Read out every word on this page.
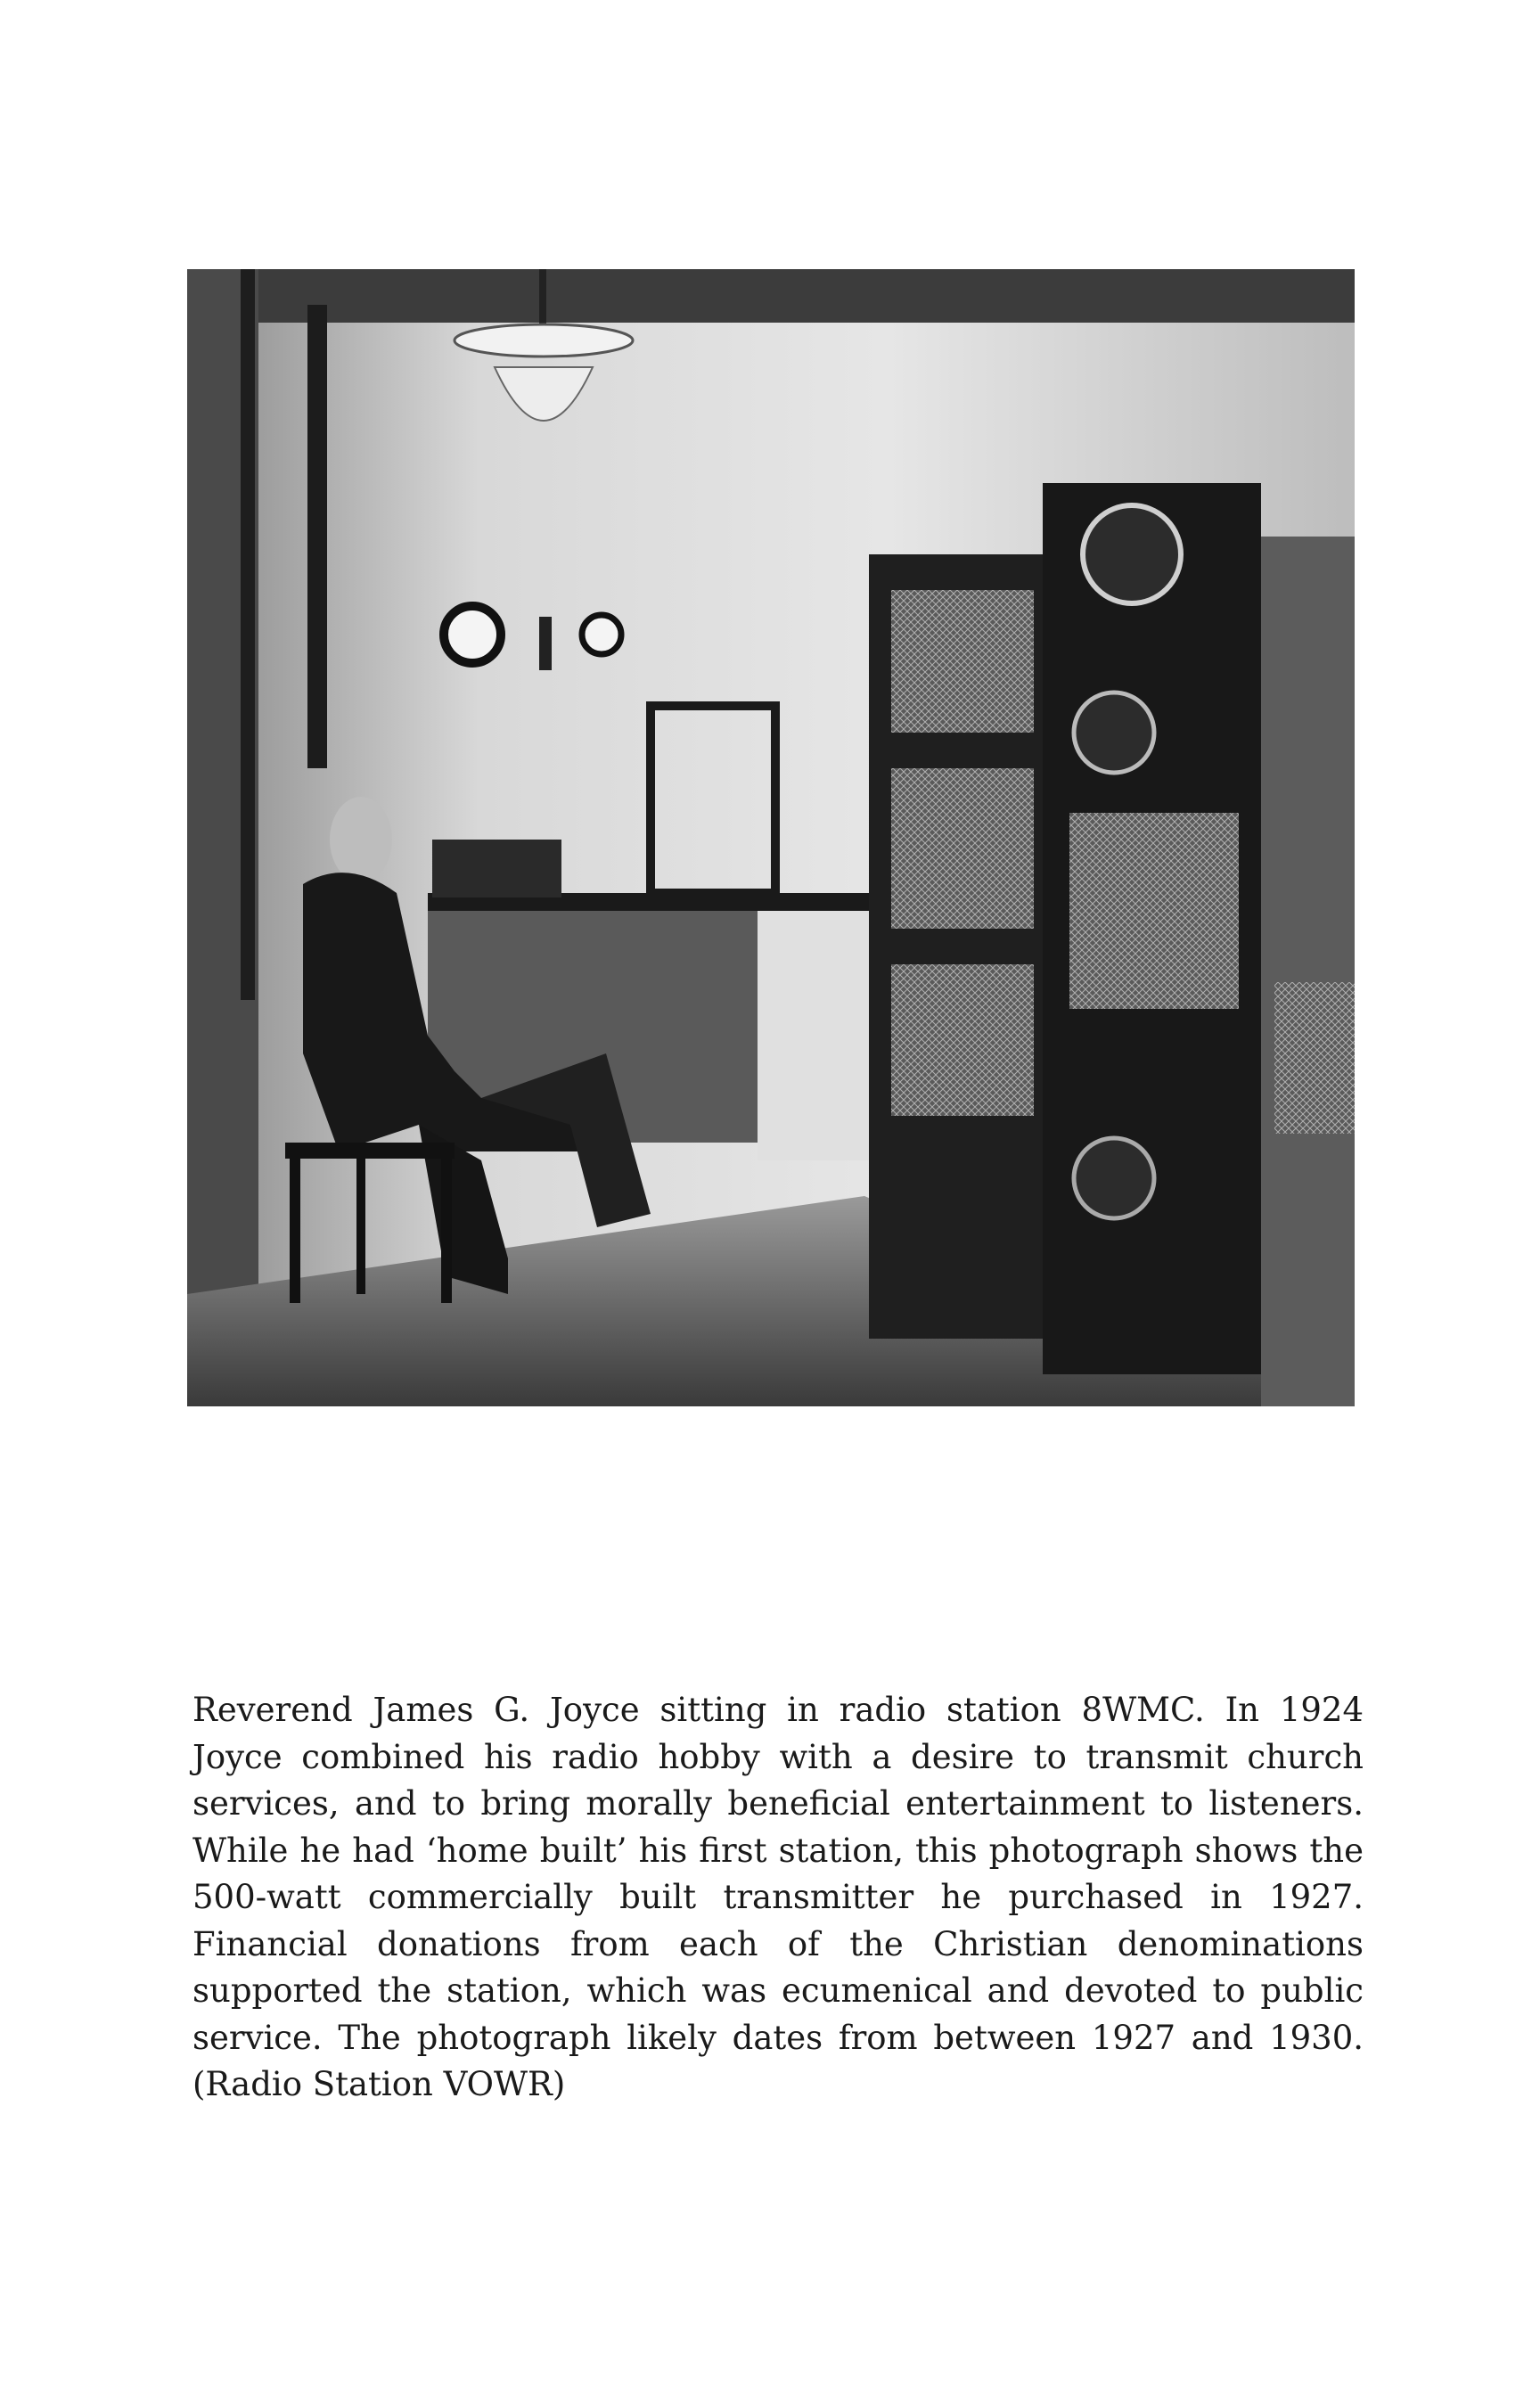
Reverend James G. Joyce sitting in radio station 8WMC. In 1924 Joyce combined his radio hobby with a desire to transmit church services, and to bring morally beneficial entertainment to listeners. While he had ‘home built’ his first station, this photograph shows the 500-watt commercially built transmitter he purchased in 1927. Financial donations from each of the Christian denominations supported the station, which was ecumenical and devoted to public service. The photograph likely dates from between 1927 and 1930. (Radio Station VOWR)
